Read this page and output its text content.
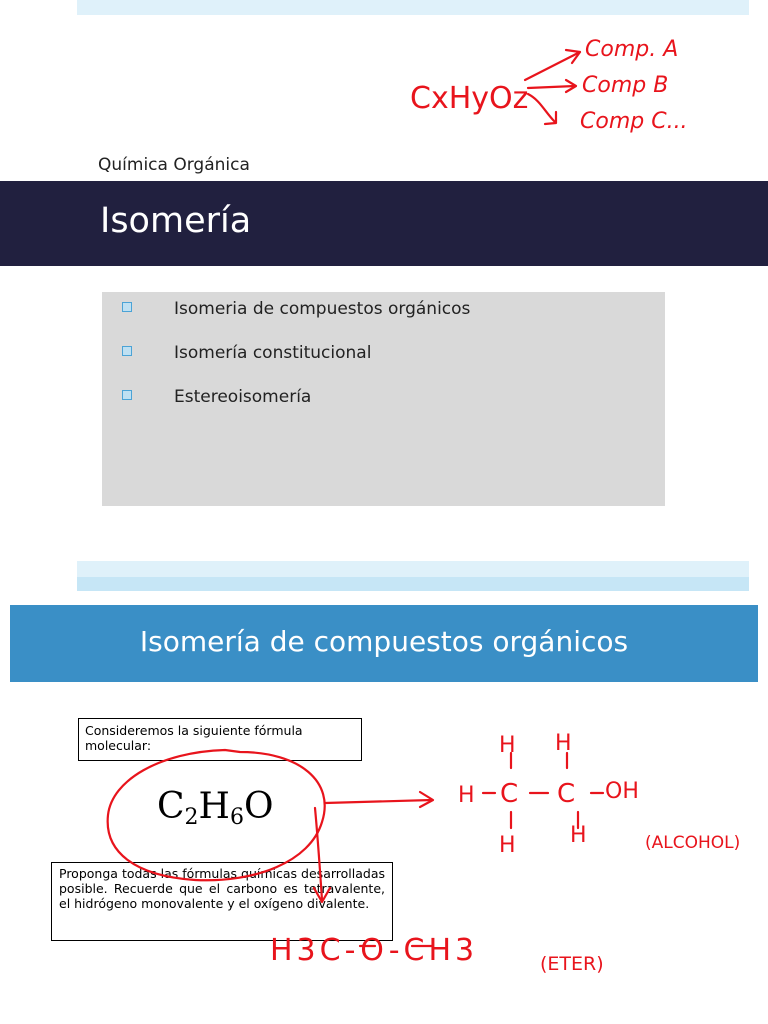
Química Orgánica
Isomería
Isomeria de compuestos orgánicos
Isomería constitucional
Estereoisomería
Isomería de compuestos orgánicos
Consideremos la siguiente fórmula molecular:
$C_2H_6O$
Proponga todas las fórmulas químicas desarrolladas posible. Recuerde que el carbono es tetravalente, el hidrógeno monovalente y el oxígeno divalente.
CxHyOz
Comp. A
Comp B
Comp C...
H H
H C C OH
H H	(ALCOHOL)
H3C-O-CH3	(ETER)
